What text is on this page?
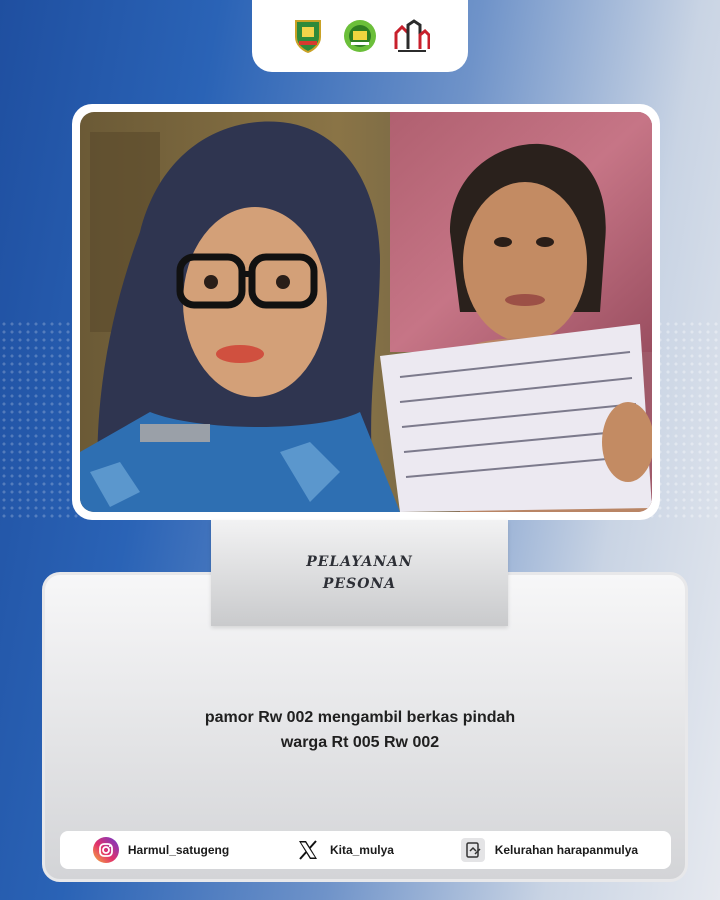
PELAYANAN
PESONA
pamor Rw 002 mengambil berkas pindah
warga Rt 005 Rw 002
Harmul_satugeng	Kita_mulya	Kelurahan harapanmulya
